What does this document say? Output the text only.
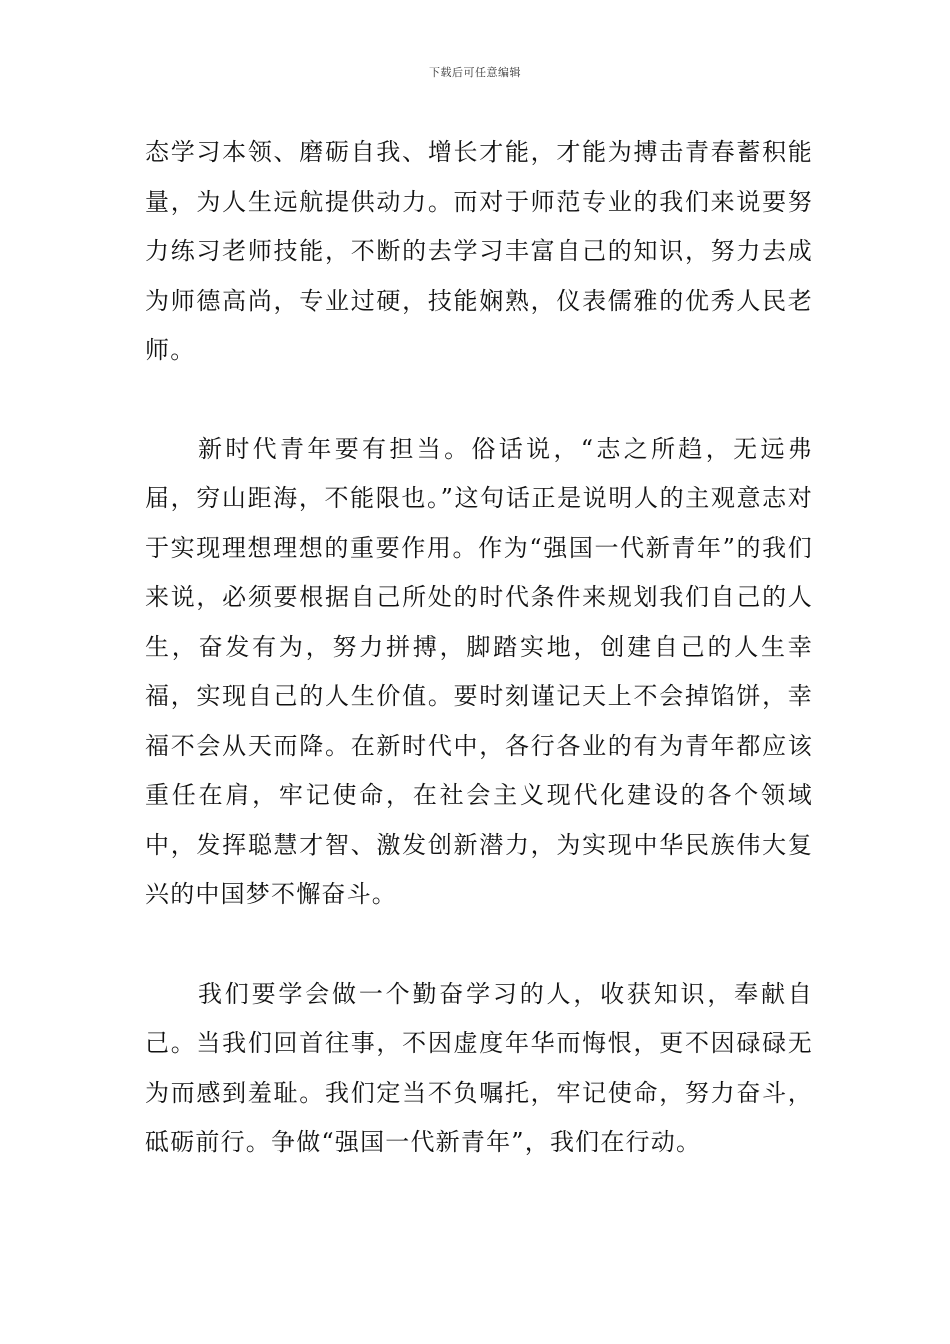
下载后可任意编辑

态学习本领、磨砺自我、增长才能，才能为搏击青春蓄积能量，为人生远航提供动力。而对于师范专业的我们来说要努力练习老师技能，不断的去学习丰富自己的知识，努力去成为师德高尚，专业过硬，技能娴熟，仪表儒雅的优秀人民老师。

新时代青年要有担当。俗话说，“志之所趋，无远弗届，穷山距海，不能限也。”这句话正是说明人的主观意志对于实现理想理想的重要作用。作为“强国一代新青年”的我们来说，必须要根据自己所处的时代条件来规划我们自己的人生，奋发有为，努力拼搏，脚踏实地，创建自己的人生幸福，实现自己的人生价值。要时刻谨记天上不会掉馅饼，幸福不会从天而降。在新时代中，各行各业的有为青年都应该重任在肩，牢记使命，在社会主义现代化建设的各个领域中，发挥聪慧才智、激发创新潜力，为实现中华民族伟大复兴的中国梦不懈奋斗。

我们要学会做一个勤奋学习的人，收获知识，奉献自己。当我们回首往事，不因虚度年华而悔恨，更不因碌碌无为而感到羞耻。我们定当不负嘱托，牢记使命，努力奋斗，砥砺前行。争做“强国一代新青年”，我们在行动。
